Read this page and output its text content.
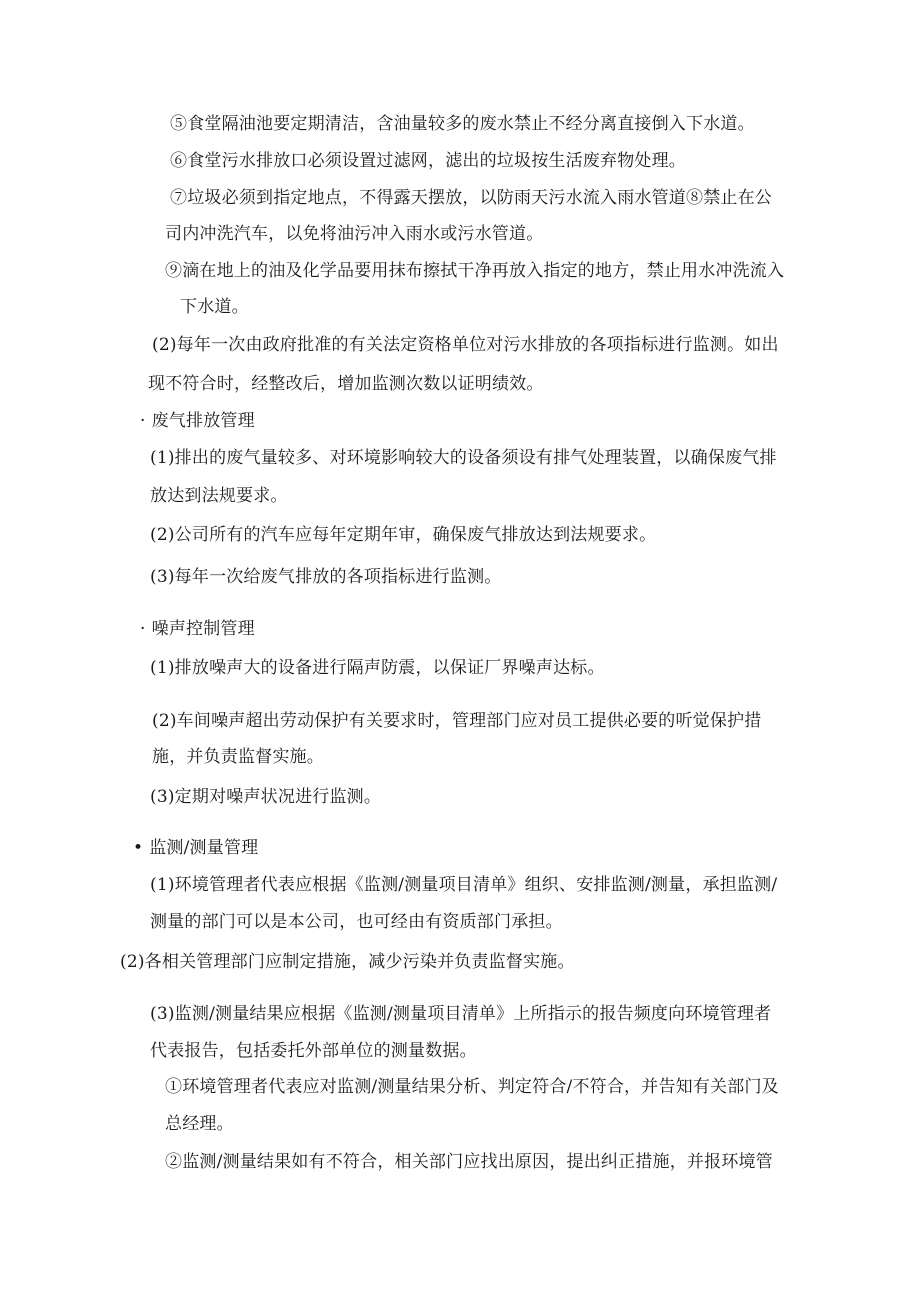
⑤食堂隔油池要定期清洁，含油量较多的废水禁止不经分离直接倒入下水道。
⑥食堂污水排放口必须设置过滤网，滤出的垃圾按生活废弃物处理。
⑦垃圾必须到指定地点，不得露天摆放，以防雨天污水流入雨水管道⑧禁止在公
司内冲洗汽车，以免将油污冲入雨水或污水管道。
⑨滴在地上的油及化学品要用抹布擦拭干净再放入指定的地方，禁止用水冲洗流入
下水道。
(2)每年一次由政府批准的有关法定资格单位对污水排放的各项指标进行监测。如出
现不符合时，经整改后，增加监测次数以证明绩效。
· 废气排放管理
(1)排出的废气量较多、对环境影响较大的设备须设有排气处理装置，以确保废气排
放达到法规要求。
(2)公司所有的汽车应每年定期年审，确保废气排放达到法规要求。
(3)每年一次给废气排放的各项指标进行监测。
· 噪声控制管理
(1)排放噪声大的设备进行隔声防震，以保证厂界噪声达标。
(2)车间噪声超出劳动保护有关要求时，管理部门应对员工提供必要的听觉保护措
施，并负责监督实施。
(3)定期对噪声状况进行监测。
• 监测/测量管理
(1)环境管理者代表应根据《监测/测量项目清单》组织、安排监测/测量，承担监测/
测量的部门可以是本公司，也可经由有资质部门承担。
(2)各相关管理部门应制定措施，减少污染并负责监督实施。
(3)监测/测量结果应根据《监测/测量项目清单》上所指示的报告频度向环境管理者
代表报告，包括委托外部单位的测量数据。
①环境管理者代表应对监测/测量结果分析、判定符合/不符合，并告知有关部门及
总经理。
②监测/测量结果如有不符合，相关部门应找出原因，提出纠正措施，并报环境管
